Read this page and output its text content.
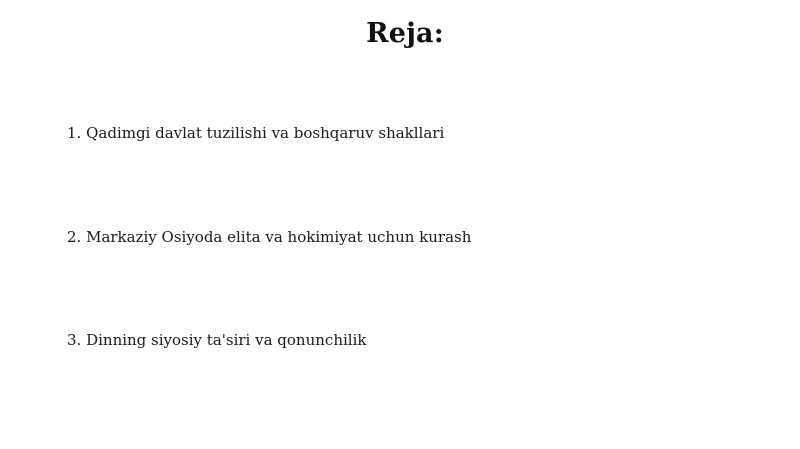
Reja:
1. Qadimgi davlat tuzilishi va boshqaruv shakllari
2. Markaziy Osiyoda elita va hokimiyat uchun kurash
3. Dinning siyosiy ta'siri va qonunchilik
